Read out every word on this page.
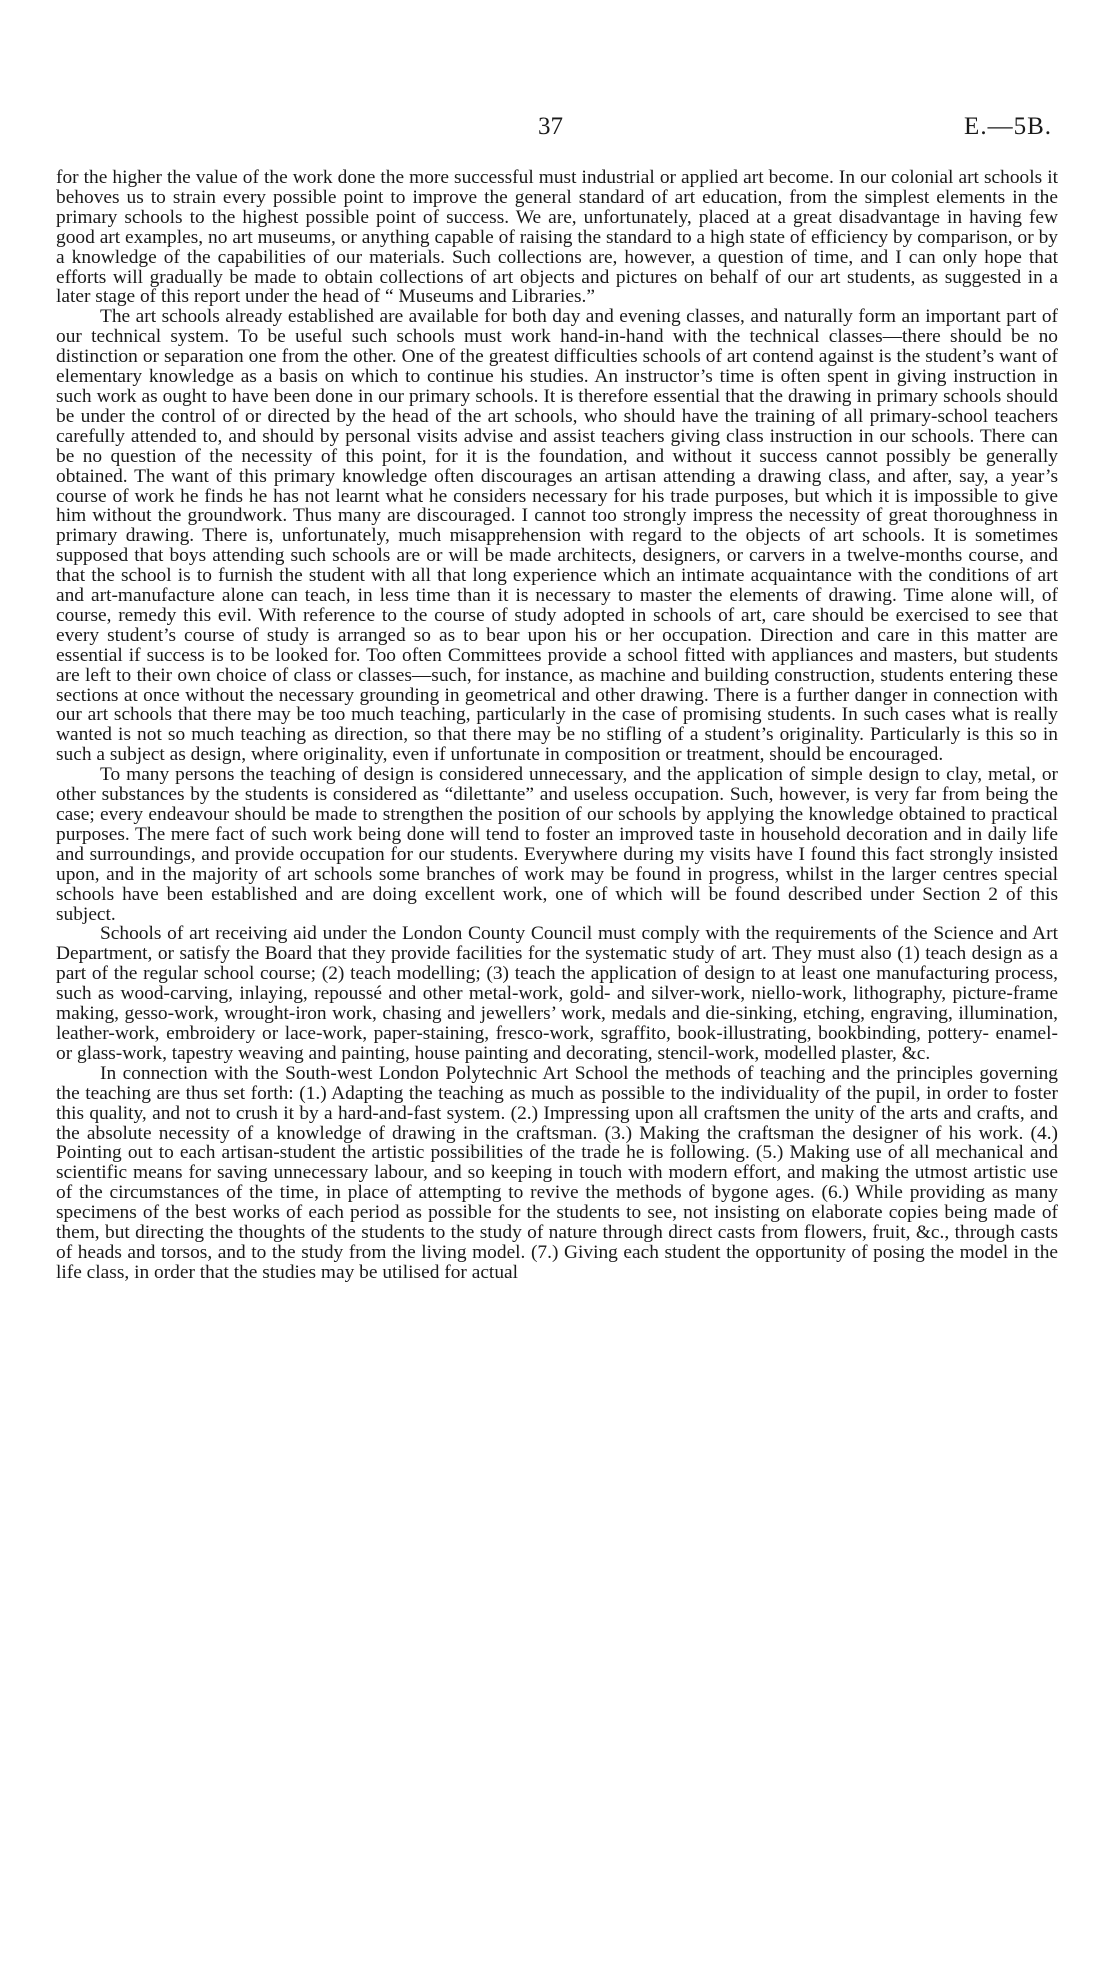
37	E.—5B.

for the higher the value of the work done the more successful must industrial or applied art become. In our colonial art schools it behoves us to strain every possible point to improve the general standard of art education, from the simplest elements in the primary schools to the highest possible point of success. We are, unfortunately, placed at a great disadvantage in having few good art examples, no art museums, or anything capable of raising the standard to a high state of efficiency by comparison, or by a knowledge of the capabilities of our materials. Such collections are, however, a question of time, and I can only hope that efforts will gradually be made to obtain collections of art objects and pictures on behalf of our art students, as suggested in a later stage of this report under the head of “ Museums and Libraries.”

The art schools already established are available for both day and evening classes, and naturally form an important part of our technical system. To be useful such schools must work hand-in-hand with the technical classes—there should be no distinction or separation one from the other. One of the greatest difficulties schools of art contend against is the student’s want of elementary knowledge as a basis on which to continue his studies. An instructor’s time is often spent in giving instruction in such work as ought to have been done in our primary schools. It is therefore essential that the drawing in primary schools should be under the control of or directed by the head of the art schools, who should have the training of all primary-school teachers carefully attended to, and should by personal visits advise and assist teachers giving class instruction in our schools. There can be no question of the necessity of this point, for it is the foundation, and without it success cannot possibly be generally obtained. The want of this primary knowledge often discourages an artisan attending a drawing class, and after, say, a year’s course of work he finds he has not learnt what he considers necessary for his trade purposes, but which it is impossible to give him without the groundwork. Thus many are discouraged. I cannot too strongly impress the necessity of great thoroughness in primary drawing. There is, unfortunately, much misapprehension with regard to the objects of art schools. It is sometimes supposed that boys attending such schools are or will be made architects, designers, or carvers in a twelve-months course, and that the school is to furnish the student with all that long experience which an intimate acquaintance with the conditions of art and art-manufacture alone can teach, in less time than it is necessary to master the elements of drawing. Time alone will, of course, remedy this evil. With reference to the course of study adopted in schools of art, care should be exercised to see that every student’s course of study is arranged so as to bear upon his or her occupation. Direction and care in this matter are essential if success is to be looked for. Too often Committees provide a school fitted with appliances and masters, but students are left to their own choice of class or classes—such, for instance, as machine and building construction, students entering these sections at once without the necessary grounding in geometrical and other drawing. There is a further danger in connection with our art schools that there may be too much teaching, particularly in the case of promising students. In such cases what is really wanted is not so much teaching as direction, so that there may be no stifling of a student’s originality. Particularly is this so in such a subject as design, where originality, even if unfortunate in composition or treatment, should be encouraged.

To many persons the teaching of design is considered unnecessary, and the application of simple design to clay, metal, or other substances by the students is considered as “dilettante” and useless occupation. Such, however, is very far from being the case; every endeavour should be made to strengthen the position of our schools by applying the knowledge obtained to practical purposes. The mere fact of such work being done will tend to foster an improved taste in household decoration and in daily life and surroundings, and provide occupation for our students. Everywhere during my visits have I found this fact strongly insisted upon, and in the majority of art schools some branches of work may be found in progress, whilst in the larger centres special schools have been established and are doing excellent work, one of which will be found described under Section 2 of this subject.

Schools of art receiving aid under the London County Council must comply with the requirements of the Science and Art Department, or satisfy the Board that they provide facilities for the systematic study of art. They must also (1) teach design as a part of the regular school course; (2) teach modelling; (3) teach the application of design to at least one manufacturing process, such as wood-carving, inlaying, repoussé and other metal-work, gold- and silver-work, niello-work, lithography, picture-frame making, gesso-work, wrought-iron work, chasing and jewellers’ work, medals and die-sinking, etching, engraving, illumination, leather-work, embroidery or lace-work, paper-staining, fresco-work, sgraffito, book-illustrating, bookbinding, pottery- enamel- or glass-work, tapestry weaving and painting, house painting and decorating, stencil-work, modelled plaster, &c.

In connection with the South-west London Polytechnic Art School the methods of teaching and the principles governing the teaching are thus set forth: (1.) Adapting the teaching as much as possible to the individuality of the pupil, in order to foster this quality, and not to crush it by a hard-and-fast system. (2.) Impressing upon all craftsmen the unity of the arts and crafts, and the absolute necessity of a knowledge of drawing in the craftsman. (3.) Making the craftsman the designer of his work. (4.) Pointing out to each artisan-student the artistic possibilities of the trade he is following. (5.) Making use of all mechanical and scientific means for saving unnecessary labour, and so keeping in touch with modern effort, and making the utmost artistic use of the circumstances of the time, in place of attempting to revive the methods of bygone ages. (6.) While providing as many specimens of the best works of each period as possible for the students to see, not insisting on elaborate copies being made of them, but directing the thoughts of the students to the study of nature through direct casts from flowers, fruit, &c., through casts of heads and torsos, and to the study from the living model. (7.) Giving each student the opportunity of posing the model in the life class, in order that the studies may be utilised for actual
